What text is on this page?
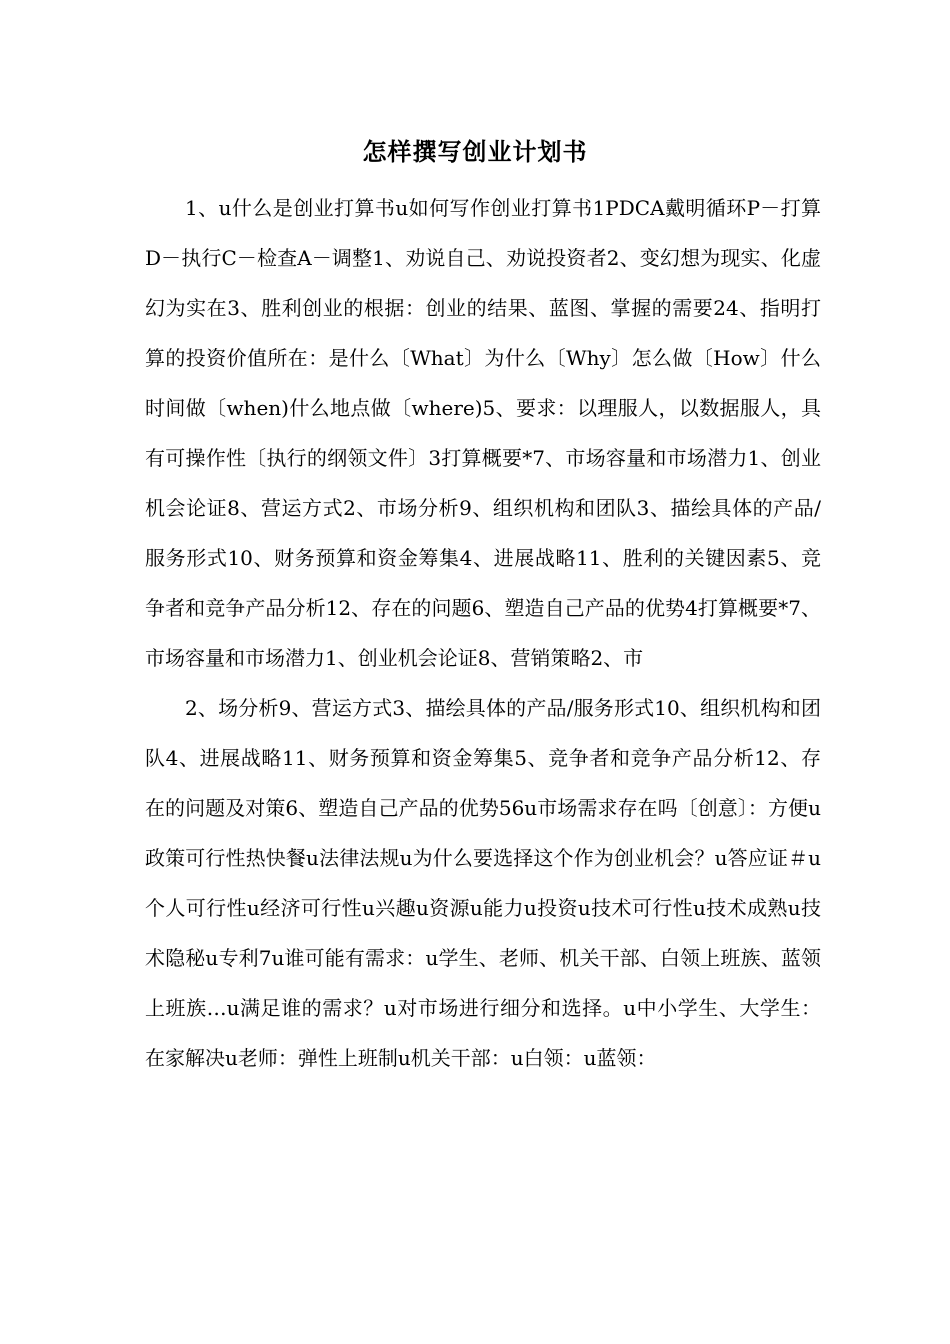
怎样撰写创业计划书

1、u什么是创业打算书u如何写作创业打算书1PDCA戴明循环P－打算D－执行C－检查A－调整1、劝说自己、劝说投资者2、变幻想为现实、化虚幻为实在3、胜利创业的根据：创业的结果、蓝图、掌握的需要24、指明打算的投资价值所在：是什么〔What〕为什么〔Why〕怎么做〔How〕什么时间做〔when)什么地点做〔where)5、要求：以理服人，以数据服人，具有可操作性〔执行的纲领文件〕3打算概要*7、市场容量和市场潜力1、创业机会论证8、营运方式2、市场分析9、组织机构和团队3、描绘具体的产品/服务形式10、财务预算和资金筹集4、进展战略11、胜利的关键因素5、竞争者和竞争产品分析12、存在的问题6、塑造自己产品的优势4打算概要*7、市场容量和市场潜力1、创业机会论证8、营销策略2、市

2、场分析9、营运方式3、描绘具体的产品/服务形式10、组织机构和团队4、进展战略11、财务预算和资金筹集5、竞争者和竞争产品分析12、存在的问题及对策6、塑造自己产品的优势56u市场需求存在吗〔创意〕：方便u政策可行性热快餐u法律法规u为什么要选择这个作为创业机会？u答应证＃u个人可行性u经济可行性u兴趣u资源u能力u投资u技术可行性u技术成熟u技术隐秘u专利7u谁可能有需求：u学生、老师、机关干部、白领上班族、蓝领上班族…u满足谁的需求？u对市场进行细分和选择。u中小学生、大学生：在家解决u老师：弹性上班制u机关干部：u白领：u蓝领：
